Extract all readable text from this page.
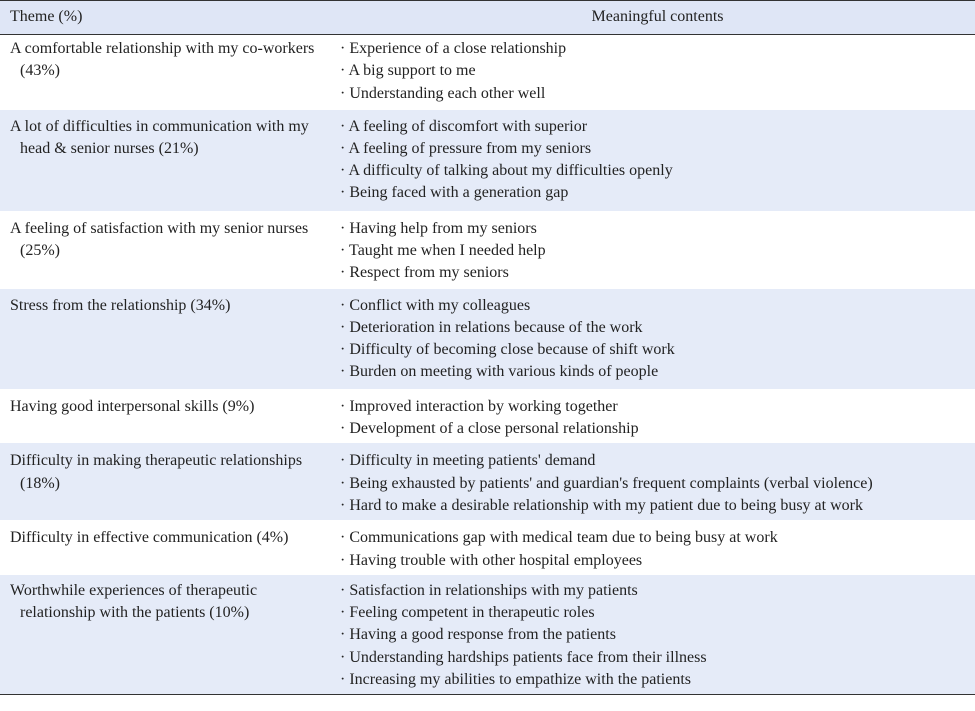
Theme (%)	Meaningful contents

A comfortable relationship with my co-workers (43%)	· Experience of a close relationship
· A big support to me
· Understanding each other well

A lot of difficulties in communication with my head & senior nurses (21%)	· A feeling of discomfort with superior
· A feeling of pressure from my seniors
· A difficulty of talking about my difficulties openly
· Being faced with a generation gap

A feeling of satisfaction with my senior nurses (25%)	· Having help from my seniors
· Taught me when I needed help
· Respect from my seniors

Stress from the relationship (34%)	· Conflict with my colleagues
· Deterioration in relations because of the work
· Difficulty of becoming close because of shift work
· Burden on meeting with various kinds of people

Having good interpersonal skills (9%)	· Improved interaction by working together
· Development of a close personal relationship

Difficulty in making therapeutic relationships (18%)	· Difficulty in meeting patients' demand
· Being exhausted by patients' and guardian's frequent complaints (verbal violence)
· Hard to make a desirable relationship with my patient due to being busy at work

Difficulty in effective communication (4%)	· Communications gap with medical team due to being busy at work
· Having trouble with other hospital employees

Worthwhile experiences of therapeutic relationship with the patients (10%)	· Satisfaction in relationships with my patients
· Feeling competent in therapeutic roles
· Having a good response from the patients
· Understanding hardships patients face from their illness
· Increasing my abilities to empathize with the patients
